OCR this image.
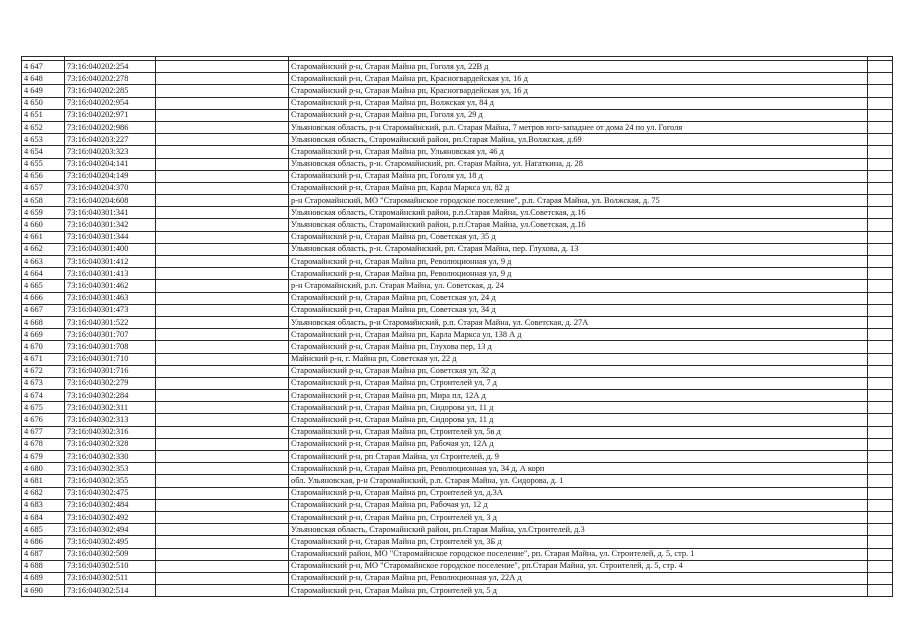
4 647	73:16:040202:254		Старомайнский р-н, Старая Майна рп, Гоголя ул, 22В д	
4 648	73:16:040202:278		Старомайнский р-н, Старая Майна рп, Красногвардейская ул, 16 д	
4 649	73:16:040202:285		Старомайнский р-н, Старая Майна рп, Красногвардейская ул, 16 д	
4 650	73:16:040202:954		Старомайнский р-н, Старая Майна рп, Волжская ул, 84 д	
4 651	73:16:040202:971		Старомайнский р-н, Старая Майна рп, Гоголя ул, 29 д	
4 652	73:16:040202:986		Ульяновская область, р-н Старомайнский, р.п. Старая Майна, 7 метров юго-западнее от дома 24 по ул. Гоголя	
4 653	73:16:040203:227		Ульяновская область, Старомайнский район, рп.Старая Майна, ул.Волжская, д.69	
4 654	73:16:040203:323		Старомайнский р-н, Старая Майна рп, Ульяновская ул, 46 д	
4 655	73:16:040204:141		Ульяновская область, р-н. Старомайнский, рп. Старая Майна, ул. Нагаткина, д. 28	
4 656	73:16:040204:149		Старомайнский р-н, Старая Майна рп, Гоголя ул, 18 д	
4 657	73:16:040204:370		Старомайнский р-н, Старая Майна рп, Карла Маркса ул, 82 д	
4 658	73:16:040204:608		р-н Старомайнский, МО "Старомайнское городское поселение", р.п. Старая Майна, ул. Волжская, д. 75	
4 659	73:16:040301:341		Ульяновская область, Старомайнский район, р.п.Старая Майна, ул.Советская, д.16	
4 660	73:16:040301:342		Ульяновская область, Старомайнский район, р.п.Старая Майна, ул.Советская, д.16	
4 661	73:16:040301:344		Старомайнский р-н, Старая Майна рп, Советская ул, 35 д	
4 662	73:16:040301:400		Ульяновская область, р-н. Старомайнский, рп. Старая Майна, пер. Глухова, д. 13	
4 663	73:16:040301:412		Старомайнский р-н, Старая Майна рп, Революционная ул, 9 д	
4 664	73:16:040301:413		Старомайнский р-н, Старая Майна рп, Революционная ул, 9 д	
4 665	73:16:040301:462		р-н Старомайнский, р.п. Старая Майна, ул. Советская, д. 24	
4 666	73:16:040301:463		Старомайнский р-н, Старая Майна рп, Советская ул, 24 д	
4 667	73:16:040301:473		Старомайнский р-н, Старая Майна рп, Советская ул, 34 д	
4 668	73:16:040301:522		Ульяновская область, р-н Старомайнский, р.п. Старая Майна, ул. Советская, д. 27А	
4 669	73:16:040301:707		Старомайнский р-н, Старая Майна рп, Карла Маркса ул, 138 А д	
4 670	73:16:040301:708		Старомайнский р-н, Старая Майна рп, Глухова пер, 13 д	
4 671	73:16:040301:710		Майнский р-н, г. Майна рп, Советская ул, 22 д	
4 672	73:16:040301:716		Старомайнский р-н, Старая Майна рп, Советская ул, 32 д	
4 673	73:16:040302:279		Старомайнский р-н, Старая Майна рп, Строителей ул, 7 д	
4 674	73:16:040302:284		Старомайнский р-н, Старая Майна рп, Мира пл, 12А д	
4 675	73:16:040302:311		Старомайнский р-н, Старая Майна рп, Сидорова ул, 11 д	
4 676	73:16:040302:313		Старомайнский р-н, Старая Майна рп, Сидорова ул, 11 д	
4 677	73:16:040302:316		Старомайнский р-н, Старая Майна рп, Строителей ул, 5в д	
4 678	73:16:040302:328		Старомайнский р-н, Старая Майна рп, Рабочая ул, 12А д	
4 679	73:16:040302:330		Старомайнский р-н, рп Старая Майна, ул Строителей, д. 9	
4 680	73:16:040302:353		Старомайнский р-н, Старая Майна рп, Революционная ул, 34 д, А корп	
4 681	73:16:040302:355		обл. Ульяновская, р-н Старомайнский, р.п. Старая Майна, ул. Сидорова, д. 1	
4 682	73:16:040302:475		Старомайнский р-н, Старая Майна рп, Строителей ул, д.3А	
4 683	73:16:040302:484		Старомайнский р-н, Старая Майна рп, Рабочая ул, 12 д	
4 684	73:16:040302:492		Старомайнский р-н, Старая Майна рп, Строителей ул, 3 д	
4 685	73:16:040302:494		Ульяновская область, Старомайнский район, рп.Старая Майна, ул.Строителей, д.3	
4 686	73:16:040302:495		Старомайнский р-н, Старая Майна рп, Строителей ул, 3Б д	
4 687	73:16:040302:509		Старомайнский район, МО "Старомайнское городское поселение", рп. Старая Майна, ул. Строителей, д. 5, стр. 1	
4 688	73:16:040302:510		Старомайнский р-н, МО "Старомайнское городское поселение", рп.Старая Майна, ул. Строителей, д. 5, стр. 4	
4 689	73:16:040302:511		Старомайнский р-н, Старая Майна рп, Революционная ул, 22А д	
4 690	73:16:040302:514		Старомайнский р-н, Старая Майна рп, Строителей ул, 5 д	
